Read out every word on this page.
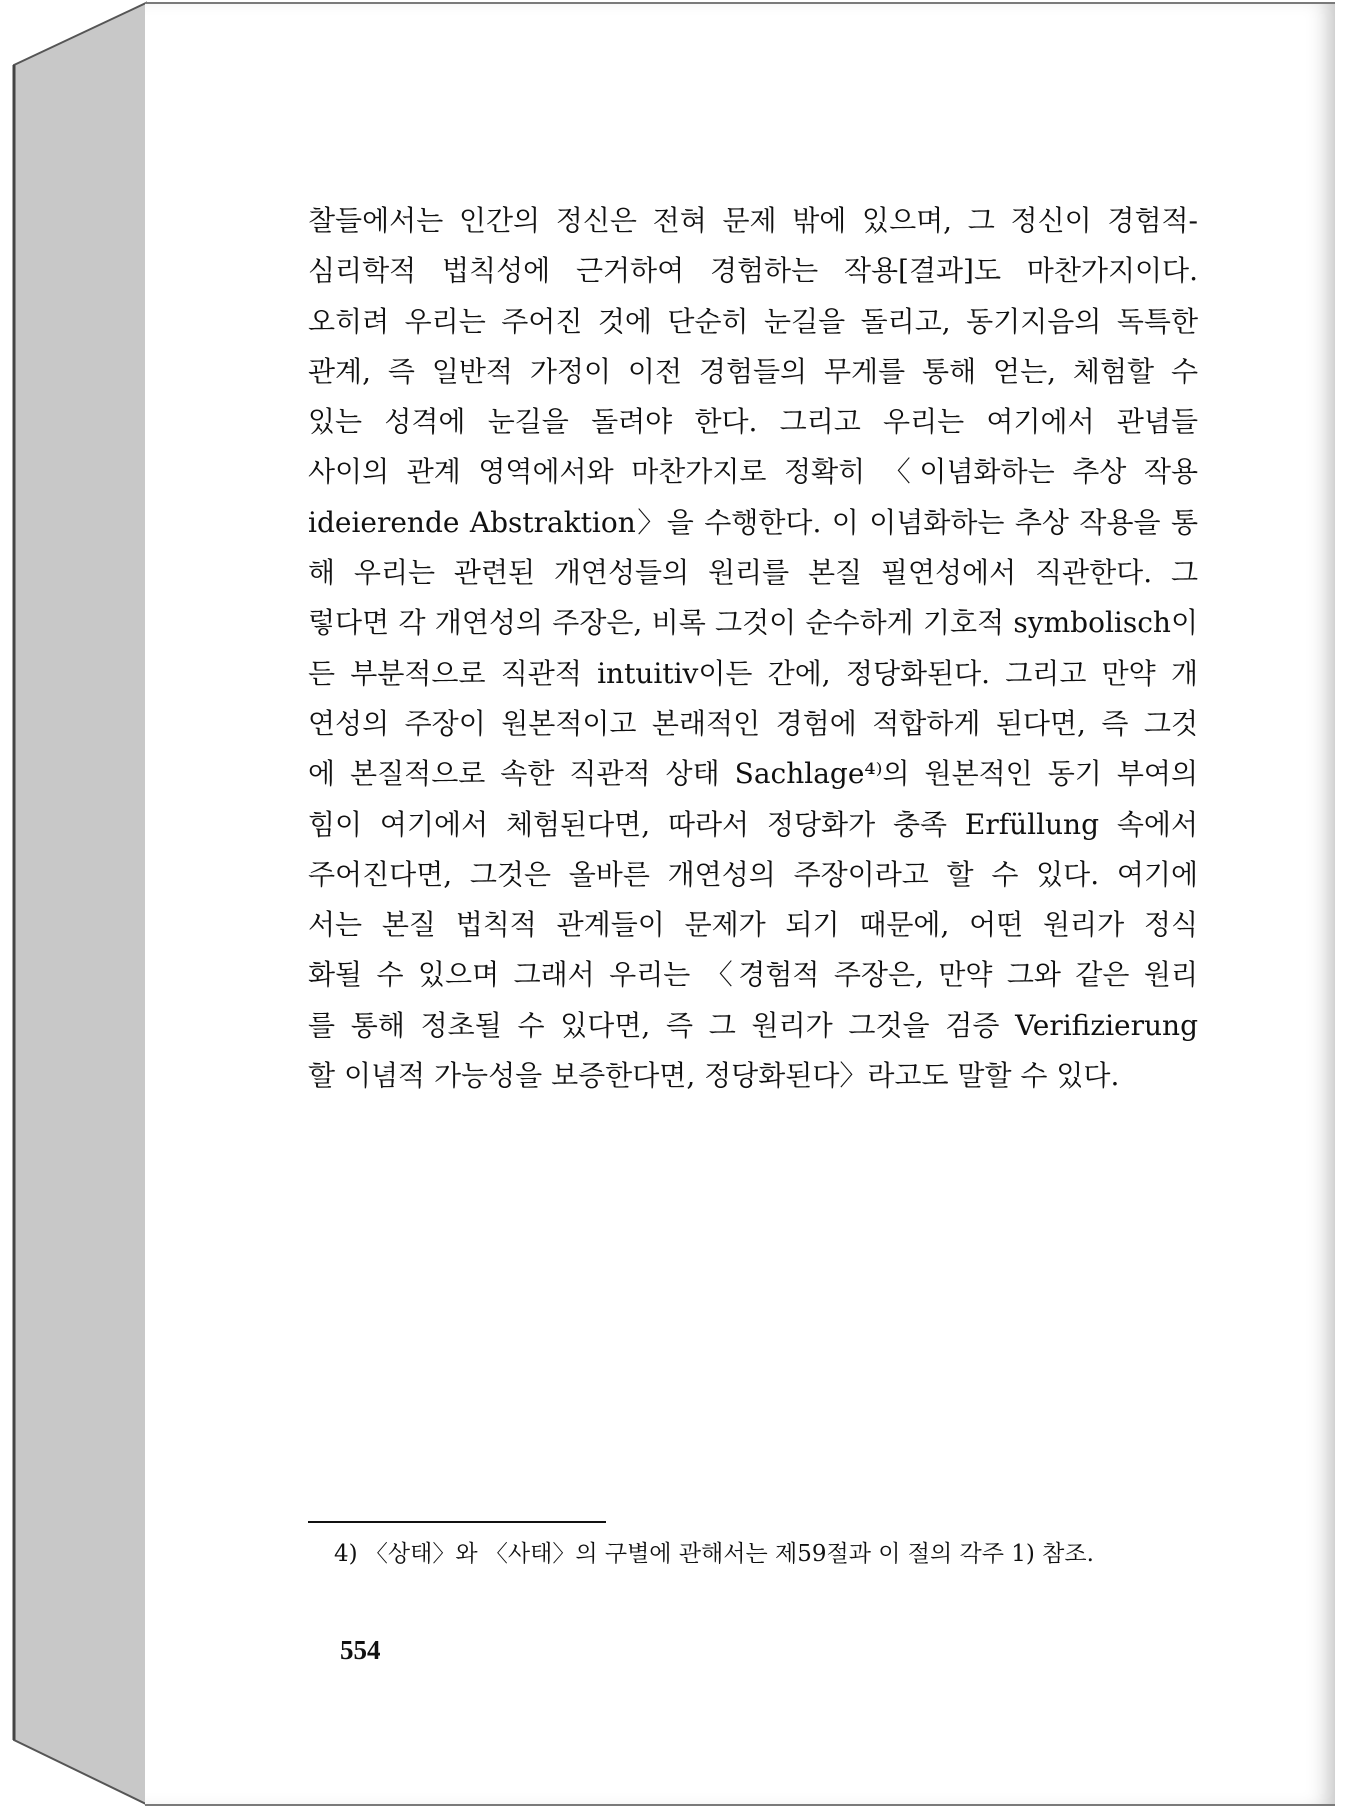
찰들에서는 인간의 정신은 전혀 문제 밖에 있으며, 그 정신이 경험적-
심리학적 법칙성에 근거하여 경험하는 작용[결과]도 마찬가지이다.
오히려 우리는 주어진 것에 단순히 눈길을 돌리고, 동기지음의 독특한
관계, 즉 일반적 가정이 이전 경험들의 무게를 통해 얻는, 체험할 수
있는 성격에 눈길을 돌려야 한다. 그리고 우리는 여기에서 관념들
사이의 관계 영역에서와 마찬가지로 정확히 〈이념화하는 추상 작용
ideierende Abstraktion〉을 수행한다. 이 이념화하는 추상 작용을 통
해 우리는 관련된 개연성들의 원리를 본질 필연성에서 직관한다. 그
렇다면 각 개연성의 주장은, 비록 그것이 순수하게 기호적 symbolisch이
든 부분적으로 직관적 intuitiv이든 간에, 정당화된다. 그리고 만약 개
연성의 주장이 원본적이고 본래적인 경험에 적합하게 된다면, 즉 그것
에 본질적으로 속한 직관적 상태 Sachlage⁴⁾의 원본적인 동기 부여의
힘이 여기에서 체험된다면, 따라서 정당화가 충족 Erfüllung 속에서
주어진다면, 그것은 올바른 개연성의 주장이라고 할 수 있다. 여기에
서는 본질 법칙적 관계들이 문제가 되기 때문에, 어떤 원리가 정식
화될 수 있으며 그래서 우리는 〈경험적 주장은, 만약 그와 같은 원리
를 통해 정초될 수 있다면, 즉 그 원리가 그것을 검증 Verifizierung
할 이념적 가능성을 보증한다면, 정당화된다〉라고도 말할 수 있다.
4) 〈상태〉와 〈사태〉의 구별에 관해서는 제59절과 이 절의 각주 1) 참조.
554
